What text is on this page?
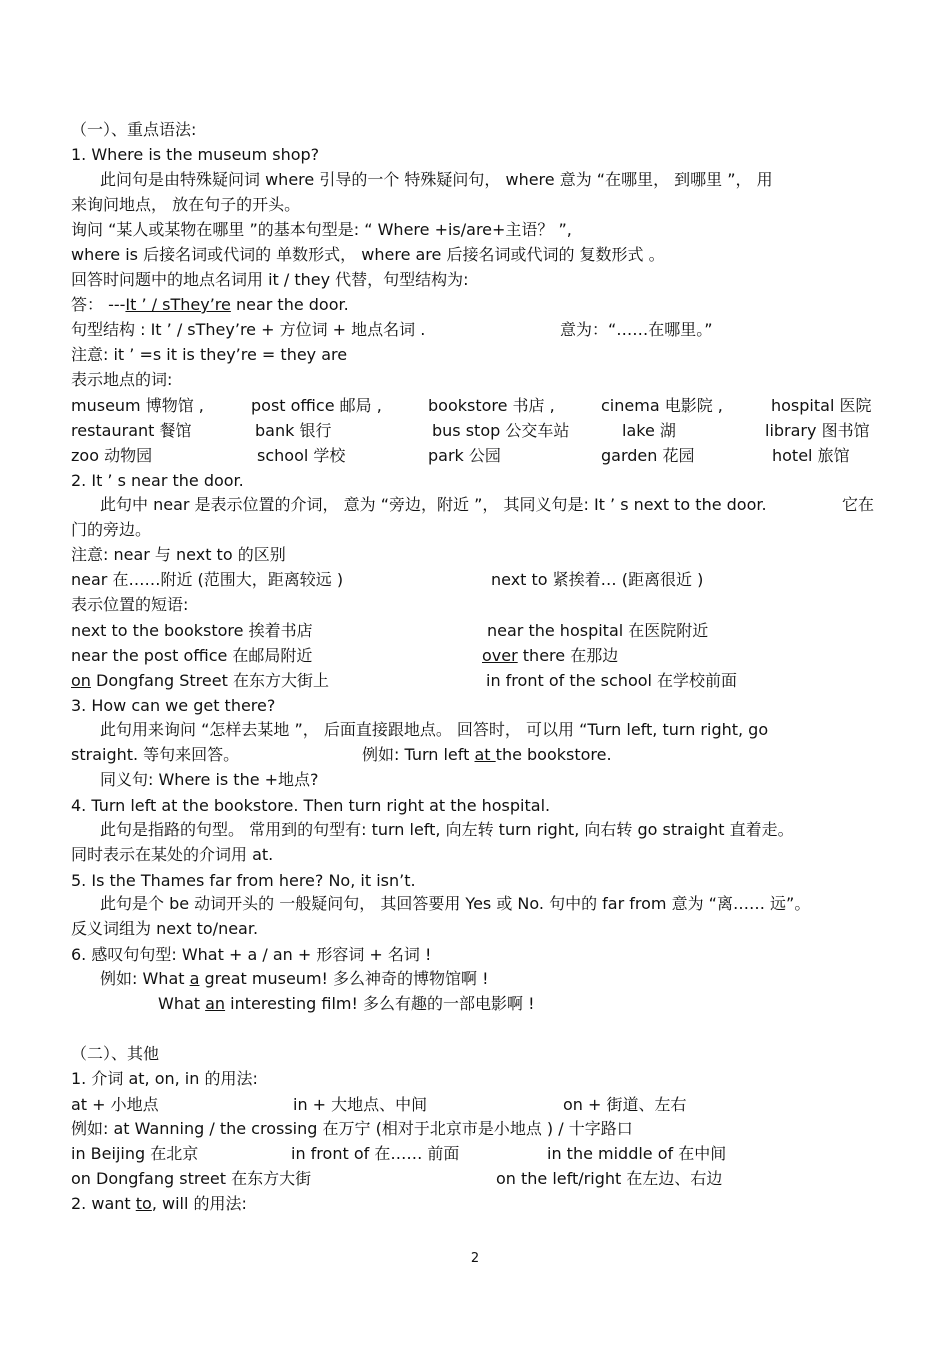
（一）、重点语法:
1. Where is the museum shop?
此问句是由特殊疑问词 where 引导的一个 特殊疑问句， where 意为 “在哪里， 到哪里 ”， 用
来询问地点， 放在句子的开头。
询问 “某人或某物在哪里 ”的基本句型是: “ Where +is/are+主语？ ”,
where is 后接名词或代词的 单数形式， where are 后接名词或代词的 复数形式 。
回答时问题中的地点名词用 it / they 代替，句型结构为:
答： ---It ’ / sThey’re near the door.
句型结构 : It ’ / sThey’re + 方位词 + 地点名词 .	意为：“……在哪里。”
注意: it ’ =s it is they’re = they are
表示地点的词:
museum 博物馆 ,	post office 邮局 ,	bookstore 书店 ,	cinema 电影院 ,	hospital 医院
restaurant 餐馆	bank 银行	bus stop 公交车站	lake 湖	library 图书馆
zoo 动物园	school 学校	park 公园	garden 花园	hotel 旅馆
2. It ’ s near the door.
此句中 near 是表示位置的介词， 意为 “旁边，附近 ”， 其同义句是: It ’ s next to the door.	它在
门的旁边。
注意: near 与 next to 的区别
near 在……附近 (范围大，距离较远 )	next to 紧挨着… (距离很近 )
表示位置的短语:
next to the bookstore 挨着书店	near the hospital 在医院附近
near the post office 在邮局附近	over there 在那边
on Dongfang Street 在东方大街上	in front of the school 在学校前面
3. How can we get there?
此句用来询问 “怎样去某地 ”， 后面直接跟地点。 回答时， 可以用 “Turn left, turn right, go
straight. 等句来回答。	例如: Turn left at the bookstore.
同义句: Where is the +地点?
4. Turn left at the bookstore. Then turn right at the hospital.
此句是指路的句型。 常用到的句型有: turn left, 向左转 turn right, 向右转 go straight 直着走。
同时表示在某处的介词用 at.
5. Is the Thames far from here? No, it isn’t.
此句是个 be 动词开头的 一般疑问句， 其回答要用 Yes 或 No. 句中的 far from 意为 “离…… 远”。
反义词组为 next to/near.
6. 感叹句句型: What + a / an + 形容词 + 名词 !
例如: What a great museum! 多么神奇的博物馆啊 !
What an interesting film! 多么有趣的一部电影啊 !
（二）、其他
1. 介词 at, on, in 的用法:
at + 小地点	in + 大地点、中间	on + 街道、左右
例如: at Wanning / the crossing 在万宁 (相对于北京市是小地点 ) / 十字路口
in Beijing 在北京	in front of 在…… 前面	in the middle of 在中间
on Dongfang street 在东方大街	on the left/right 在左边、右边
2. want to, will 的用法:
2
